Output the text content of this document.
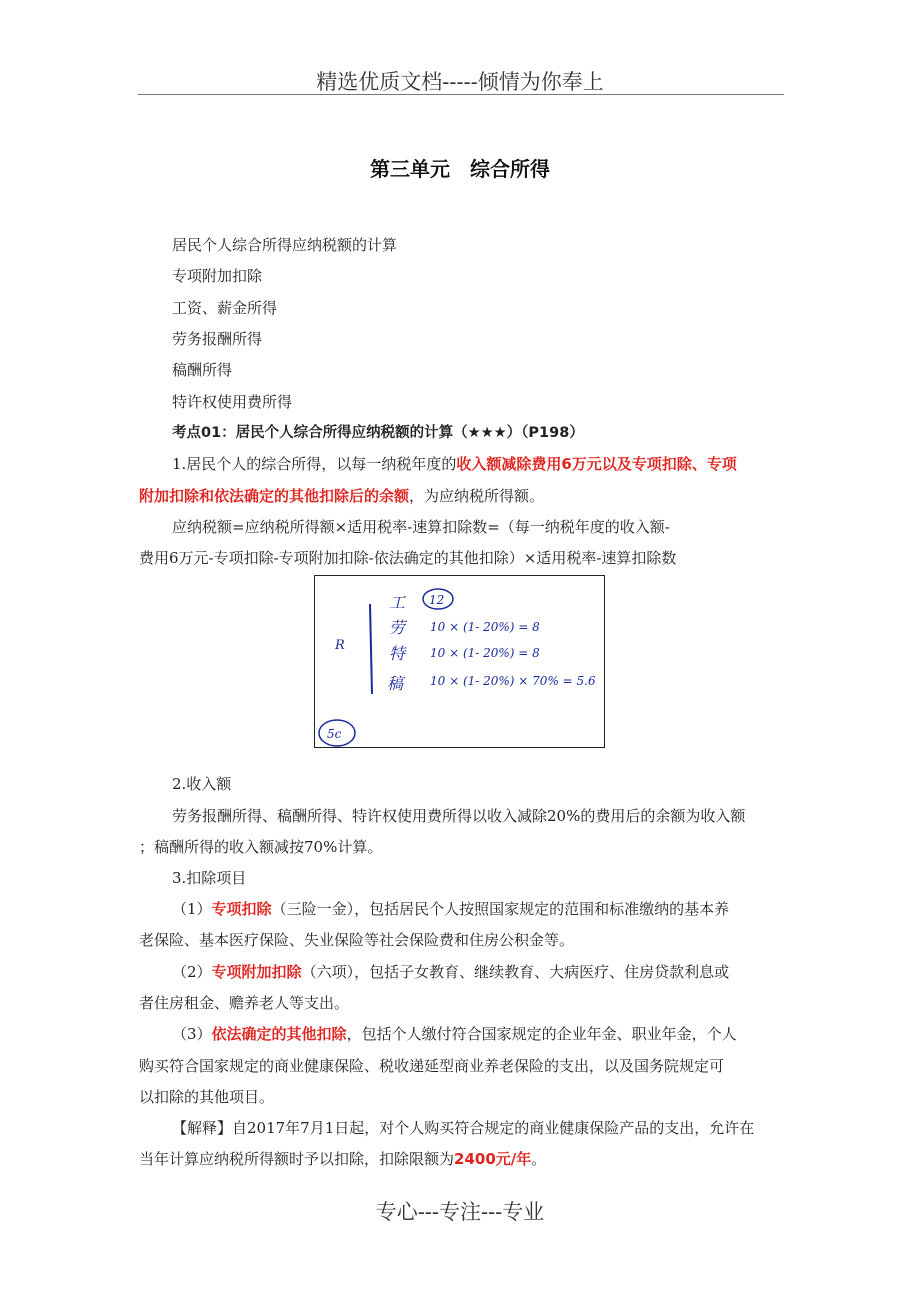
精选优质文档-----倾情为你奉上
第三单元　综合所得
居民个人综合所得应纳税额的计算
专项附加扣除
工资、薪金所得
劳务报酬所得
稿酬所得
特许权使用费所得
考点01：居民个人综合所得应纳税额的计算（★★★）（P198）
1.居民个人的综合所得，以每一纳税年度的收入额减除费用6万元以及专项扣除、专项
附加扣除和依法确定的其他扣除后的余额，为应纳税所得额。
应纳税额=应纳税所得额×适用税率-速算扣除数=（每一纳税年度的收入额-
费用6万元-专项扣除-专项附加扣除-依法确定的其他扣除）×适用税率-速算扣除数
R
12
工
劳
特
稿
10 × (1- 20%) = 8
10 × (1- 20%) = 8
10 × (1- 20%) × 70% = 5.6
5c
2.收入额
劳务报酬所得、稿酬所得、特许权使用费所得以收入减除20%的费用后的余额为收入额
；稿酬所得的收入额减按70%计算。
3.扣除项目
（1）专项扣除（三险一金），包括居民个人按照国家规定的范围和标准缴纳的基本养
老保险、基本医疗保险、失业保险等社会保险费和住房公积金等。
（2）专项附加扣除（六项），包括子女教育、继续教育、大病医疗、住房贷款利息或
者住房租金、赡养老人等支出。
（3）依法确定的其他扣除，包括个人缴付符合国家规定的企业年金、职业年金，个人
购买符合国家规定的商业健康保险、税收递延型商业养老保险的支出，以及国务院规定可
以扣除的其他项目。
【解释】自2017年7月1日起，对个人购买符合规定的商业健康保险产品的支出，允许在
当年计算应纳税所得额时予以扣除，扣除限额为2400元/年。
专心---专注---专业
